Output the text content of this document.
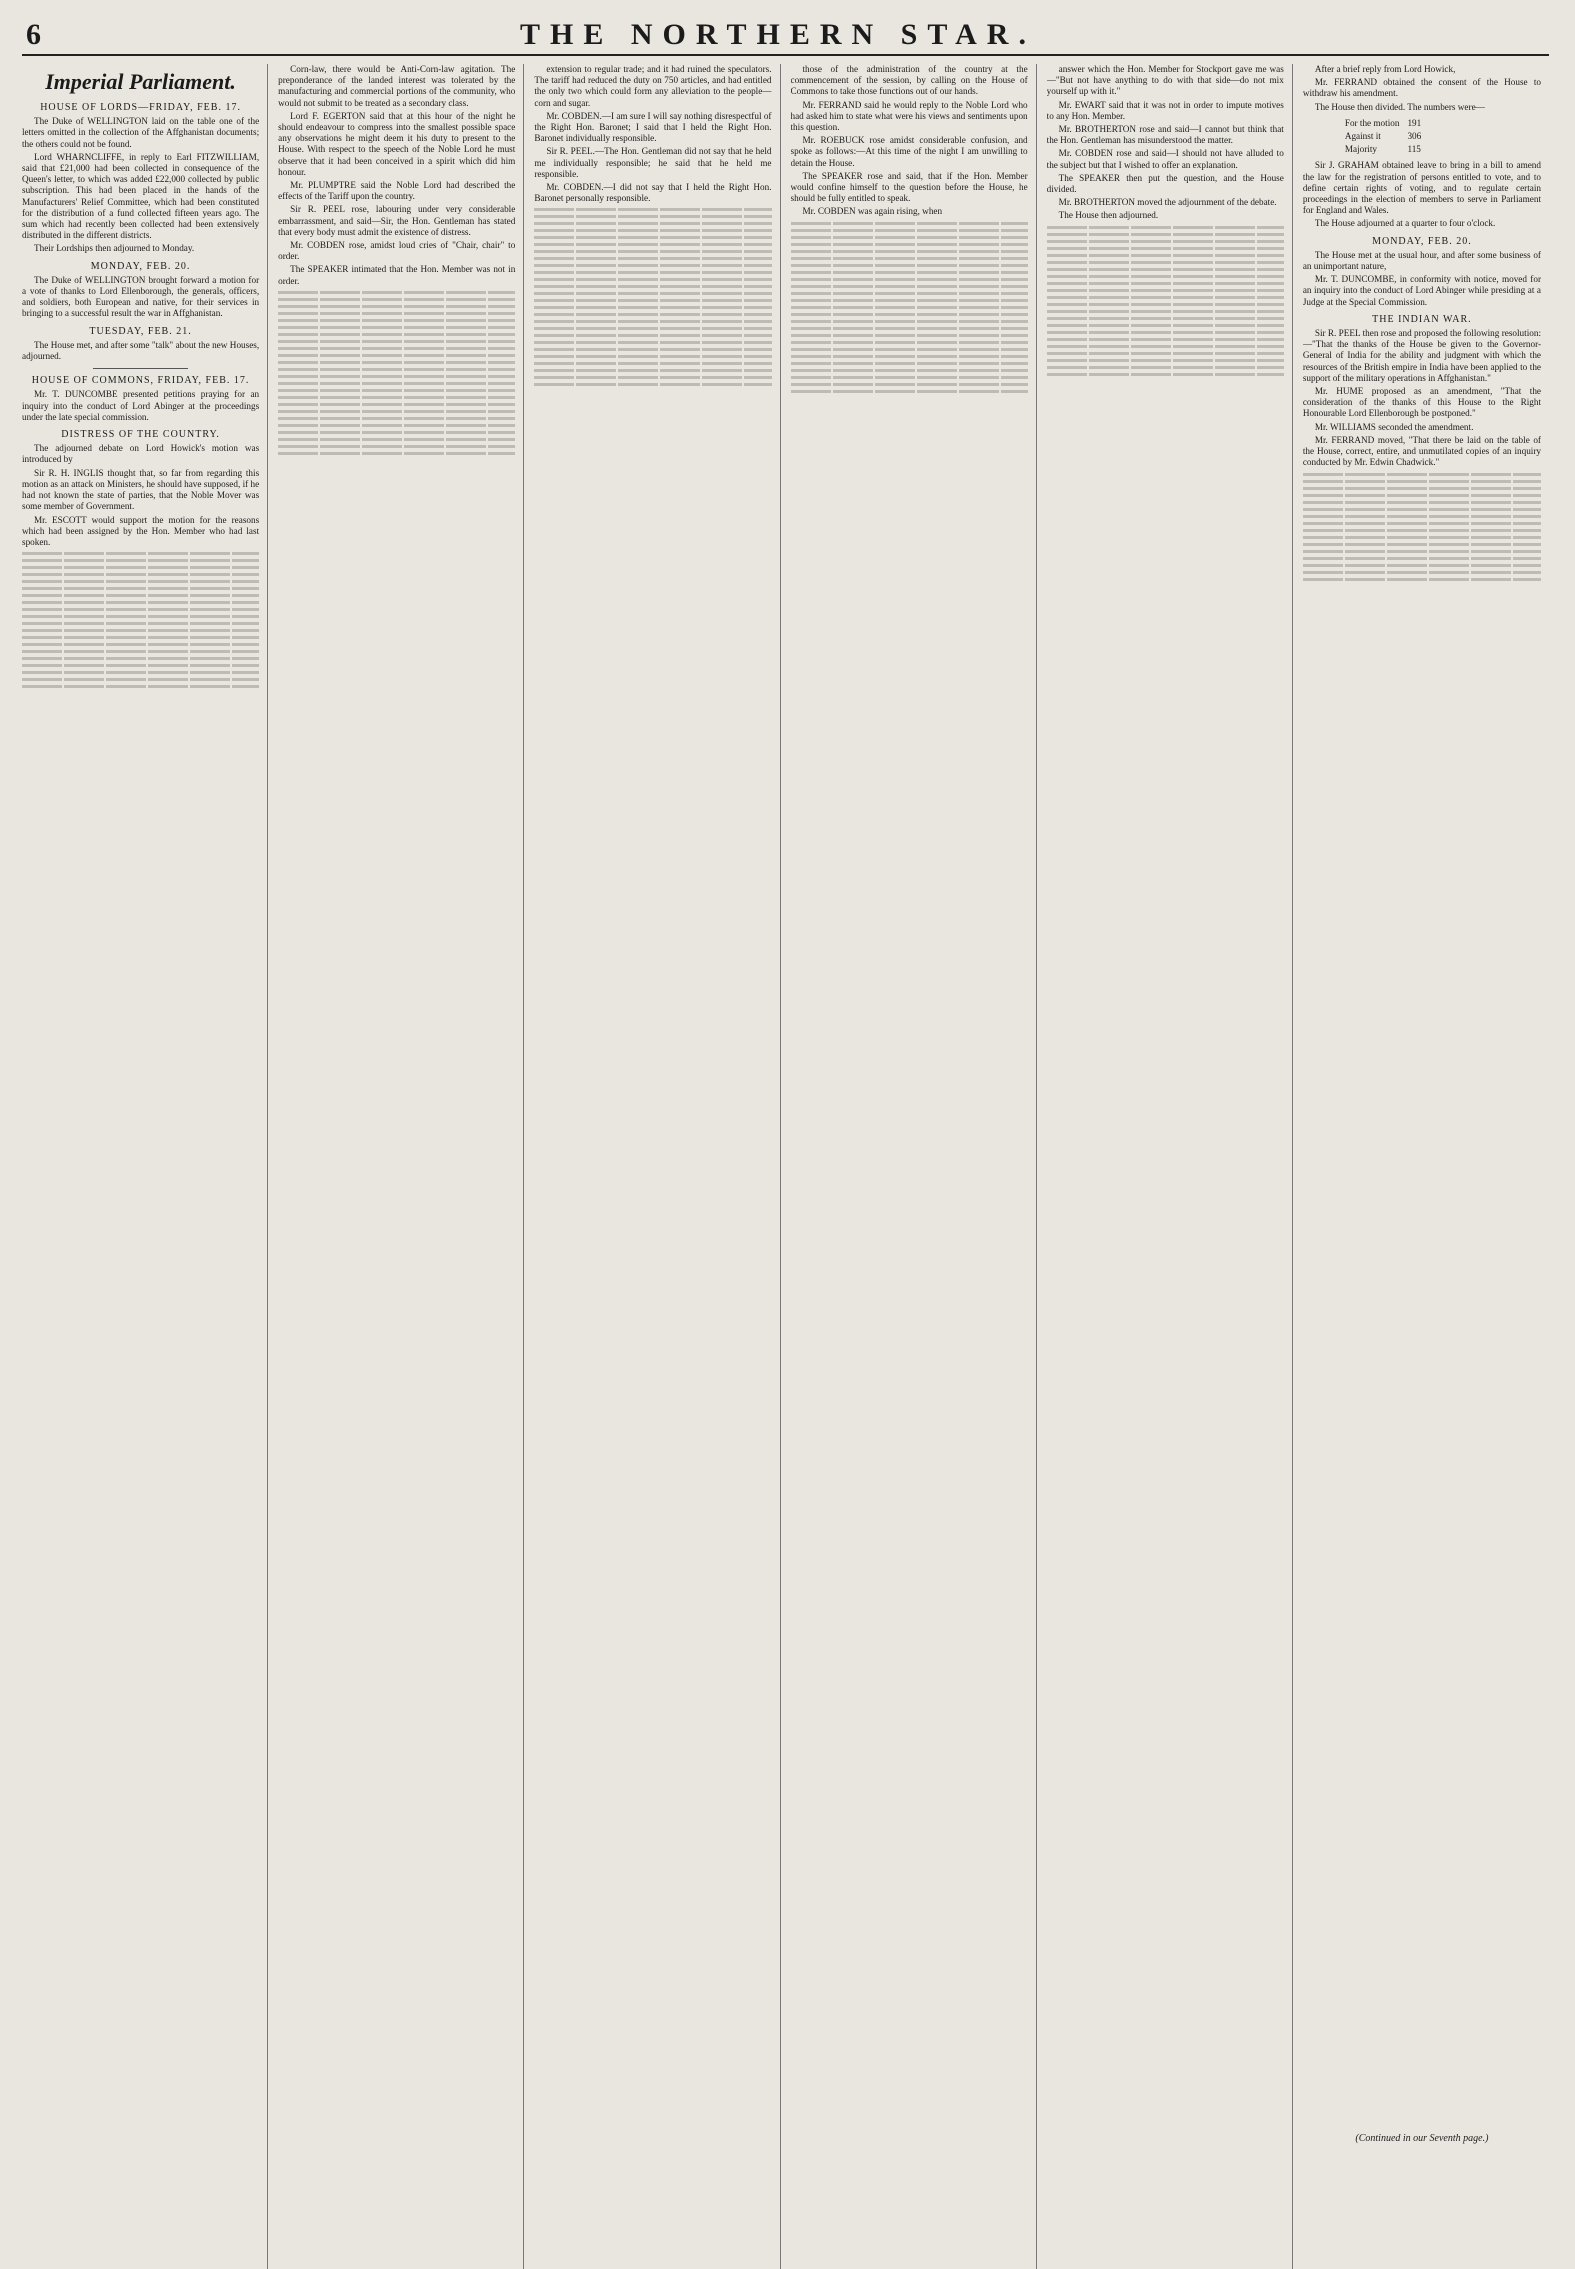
6	THE NORTHERN STAR.
Imperial Parliament.
HOUSE OF LORDS—FRIDAY, FEB. 17.

The Duke of WELLINGTON laid on the table one of the letters omitted in the collection of the Affghanistan documents; the others could not be found.

Lord WHARNCLIFFE, in reply to Earl FITZWILLIAM, said that £21,000 had been collected in consequence of the Queen's letter, to which was added £22,000 collected by public subscription. This had been placed in the hands of the Manufacturers' Relief Committee, which had been constituted for the distribution of a fund collected fifteen years ago. The sum which had recently been collected had been extensively distributed in the different districts.

Their Lordships then adjourned to Monday.

MONDAY, FEB. 20.

The Duke of WELLINGTON brought forward a motion for a vote of thanks to Lord Ellenborough, the generals, officers, and soldiers, both European and native, for their services in bringing to a successful result the war in Affghanistan.

TUESDAY, FEB. 21.

The House met, and after some "talk" about the new Houses, adjourned.

HOUSE OF COMMONS, FRIDAY, FEB. 17.

Mr. T. DUNCOMBE presented petitions praying for an inquiry into the conduct of Lord Abinger at the proceedings under the late special commission.

DISTRESS OF THE COUNTRY.

The adjourned debate on Lord Howick's motion was introduced by

Sir R. H. INGLIS thought that, so far from regarding this motion as an attack on Ministers, he should have supposed, if he had not known the state of parties, that the Noble Mover was some member of Government.

Mr. ESCOTT would support the motion for the reasons which had been assigned by the Hon. Member who had last spoken.

Corn-law, there would be Anti-Corn-law agitation. The preponderance of the landed interest was tolerated by the manufacturing and commercial portions of the community, who would not submit to be treated as a secondary class.

Lord F. EGERTON said that at this hour of the night he should endeavour to compress into the smallest possible space any observations he might deem it his duty to present to the House. With respect to the speech of the Noble Lord he must observe that it had been conceived in a spirit which did him honour.

Mr. PLUMPTRE said the Noble Lord had described the effects of the Tariff upon the country.

Sir R. PEEL rose, labouring under very considerable embarrassment, and said—Sir, the Hon. Gentleman has stated that every body must admit the existence of distress.

Mr. COBDEN rose, amidst loud cries of "Chair, chair" to order.

The SPEAKER intimated that the Hon. Member was not in order.

extension to regular trade; and it had ruined the speculators. The tariff had reduced the duty on 750 articles, and had entitled the only two which could form any alleviation to the people—corn and sugar.

Mr. COBDEN.—I am sure I will say nothing disrespectful of the Right Hon. Baronet; I said that I held the Right Hon. Baronet individually responsible.

Sir R. PEEL.—The Hon. Gentleman did not say that he held me individually responsible; he said that he held me responsible.

Mr. COBDEN.—I did not say that I held the Right Hon. Baronet personally responsible.

those of the administration of the country at the commencement of the session, by calling on the House of Commons to take those functions out of our hands.

Mr. FERRAND said he would reply to the Noble Lord who had asked him to state what were his views and sentiments upon this question.

Mr. ROEBUCK rose amidst considerable confusion, and spoke as follows:—At this time of the night I am unwilling to detain the House.

The SPEAKER rose and said, that if the Hon. Member would confine himself to the question before the House, he should be fully entitled to speak.

Mr. COBDEN was again rising, when

answer which the Hon. Member for Stockport gave me was—"But not have anything to do with that side—do not mix yourself up with it."

Mr. EWART said that it was not in order to impute motives to any Hon. Member.

Mr. BROTHERTON rose and said—I cannot but think that the Hon. Gentleman has misunderstood the matter.

Mr. COBDEN rose and said—I should not have alluded to the subject but that I wished to offer an explanation.

The SPEAKER then put the question, and the House divided.

Mr. BROTHERTON moved the adjournment of the debate.

The House then adjourned.

After a brief reply from Lord Howick,

Mr. FERRAND obtained the consent of the House to withdraw his amendment.

The House then divided. The numbers were—

For the motion	191
Against it	306
Majority	115

Sir J. GRAHAM obtained leave to bring in a bill to amend the law for the registration of persons entitled to vote, and to define certain rights of voting, and to regulate certain proceedings in the election of members to serve in Parliament for England and Wales.

The House adjourned at a quarter to four o'clock.

MONDAY, FEB. 20.

The House met at the usual hour, and after some business of an unimportant nature,

Mr. T. DUNCOMBE, in conformity with notice, moved for an inquiry into the conduct of Lord Abinger while presiding at a Judge at the Special Commission.

THE INDIAN WAR.

Sir R. PEEL then rose and proposed the following resolution:—"That the thanks of the House be given to the Governor-General of India for the ability and judgment with which the resources of the British empire in India have been applied to the support of the military operations in Affghanistan."

Mr. HUME proposed as an amendment, "That the consideration of the thanks of this House to the Right Honourable Lord Ellenborough be postponed."

Mr. WILLIAMS seconded the amendment.

Mr. FERRAND moved, "That there be laid on the table of the House, correct, entire, and unmutilated copies of an inquiry conducted by Mr. Edwin Chadwick."

(Continued in our Seventh page.)
